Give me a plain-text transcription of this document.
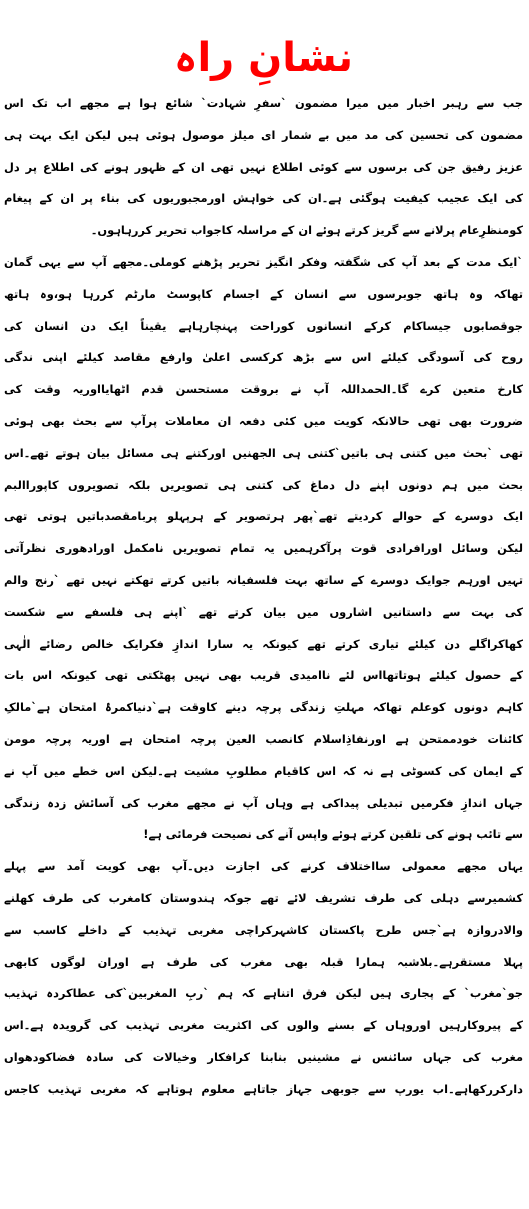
نشانِ راہ
جب سے رہبر اخبار میں میرا مضمون `سفرِ شہادت` شائع ہوا ہے مجھے اب تک اس
مضمون کی تحسین کی مد میں بے شمار ای میلز موصول ہوئی ہیں لیکن ایک بہت ہی
عزیز رفیق جن کی برسوں سے کوئی اطلاع نہیں تھی ان کے ظہور ہونے کی اطلاع پر دل
کی ایک عجیب کیفیت ہوگئی ہے۔ان کی خواہش اورمجبوریوں کی بناء پر ان کے پیغام
کومنظرِعام پرلانے سے گریز کرتے ہوئے ان کے مراسلہ کاجواب تحریر کررہاہوں۔
`ایک مدت کے بعد آپ کی شگفتہ وفکر انگیز تحریر پڑھنے کوملی۔مجھے آپ سے یہی گمان
تھاکہ وہ ہاتھ جوبرسوں سے انسان کے اجسام کاپوسٹ مارٹم کررہا ہو،وہ ہاتھ
جوقصابوں جیساکام کرکے انسانوں کوراحت پہنچارہاہے یقیناً ایک دن انسان کی
روح کی آسودگی کیلئے اس سے بڑھ کرکسی اعلیٰ وارفع مقاصد کیلئے اپنی ندگی
کارخ متعین کرے گا۔الحمداللہ آپ نے بروقت مستحسن قدم اٹھایااوریہ وقت کی
ضرورت بھی تھی حالانکہ کویت میں کئی دفعہ ان معاملات پرآپ سے بحث بھی ہوئی
تھی `بحث میں کتنی ہی باتیں`کتنی ہی الجھنیں اورکتنے ہی مسائل بیان ہوتے تھے۔اس
بحث میں ہم دونوں اپنے دل دماغ کی کتنی ہی تصویریں بلکہ تصویروں کاپوراالبم
ایک دوسرے کے حوالے کردیتے تھے`پھر ہرتصویر کے ہرپہلو پربامقصدباتیں ہوتی تھی
لیکن وسائل اورافرادی قوت پرآکرہمیں یہ تمام تصویریں نامکمل اورادھوری نظرآتی
تہیں اورہم جوایک دوسرے کے ساتھ بہت فلسفیانہ باتیں کرتے تھکتے نہیں تھے `رنج والم
کی بہت سے داستانیں اشاروں میں بیان کرتے تھے `اپنے ہی فلسفے سے شکست
کھاکراگلے دن کیلئے تیاری کرتے تھے کیونکہ یہ سارا اندازِ فکرایک خالص رضائے الٰہی
کے حصول کیلئے ہوتاتھااس لئے ناامیدی قریب بھی نہیں پھٹکتی تھی کیونکہ اس بات
کاہم دونوں کوعلم تھاکہ مہلتِ زندگی پرچہ دینے کاوقت ہے`دنیاکمرۂ امتحان ہے`مالکِ
کائنات خودممتحن ہے اورنفاذِاسلام کانصب العین پرچہ امتحان ہے اوریہ پرچہ مومن
کے ایمان کی کسوٹی ہے نہ کہ اس کاقیام مطلوبِ مشیت ہے۔لیکن اس خطے میں آپ نے
جہاں اندازِ فکرمیں تبدیلی پیداکی ہے وہاں آپ نے مجھے مغرب کی آسائش زدہ زندگی
سے تائب ہونے کی تلقین کرتے ہوئے واپس آنے کی نصیحت فرمائی ہے!
یہاں مجھے معمولی سااختلاف کرنے کی اجازت دیں۔آپ بھی کویت آمد سے پہلے
کشمیرسے دہلی کی طرف تشریف لائے تھے جوکہ ہندوستان کامغرب کی طرف کھلنے
والادروازہ ہے`جس طرح پاکستان کاشہرکراچی مغربی تہذیب کے داخلے کاسب سے
پہلا مستقرہے۔بلاشبہ ہمارا قبلہ بھی مغرب کی طرف ہے اوران لوگوں کابھی
جو`مغرب` کے پجاری ہیں لیکن فرق اتناہے کہ ہم `ربِ المغربین`کی عطاکردہ تہذیب
کے پیروکارہیں اوروہاں کے بسنے والوں کی اکثریت مغربی تہذیب کی گرویدہ ہے۔اس
مغرب کی جہاں سائنس نے مشینیں بنابنا کرافکار وخیالات کی سادہ فضاکودھواں
دارکررکھاہے۔اب یورپ سے جوبھی جہاز جاتاہے معلوم ہوتاہے کہ مغربی تہذیب کاجس
